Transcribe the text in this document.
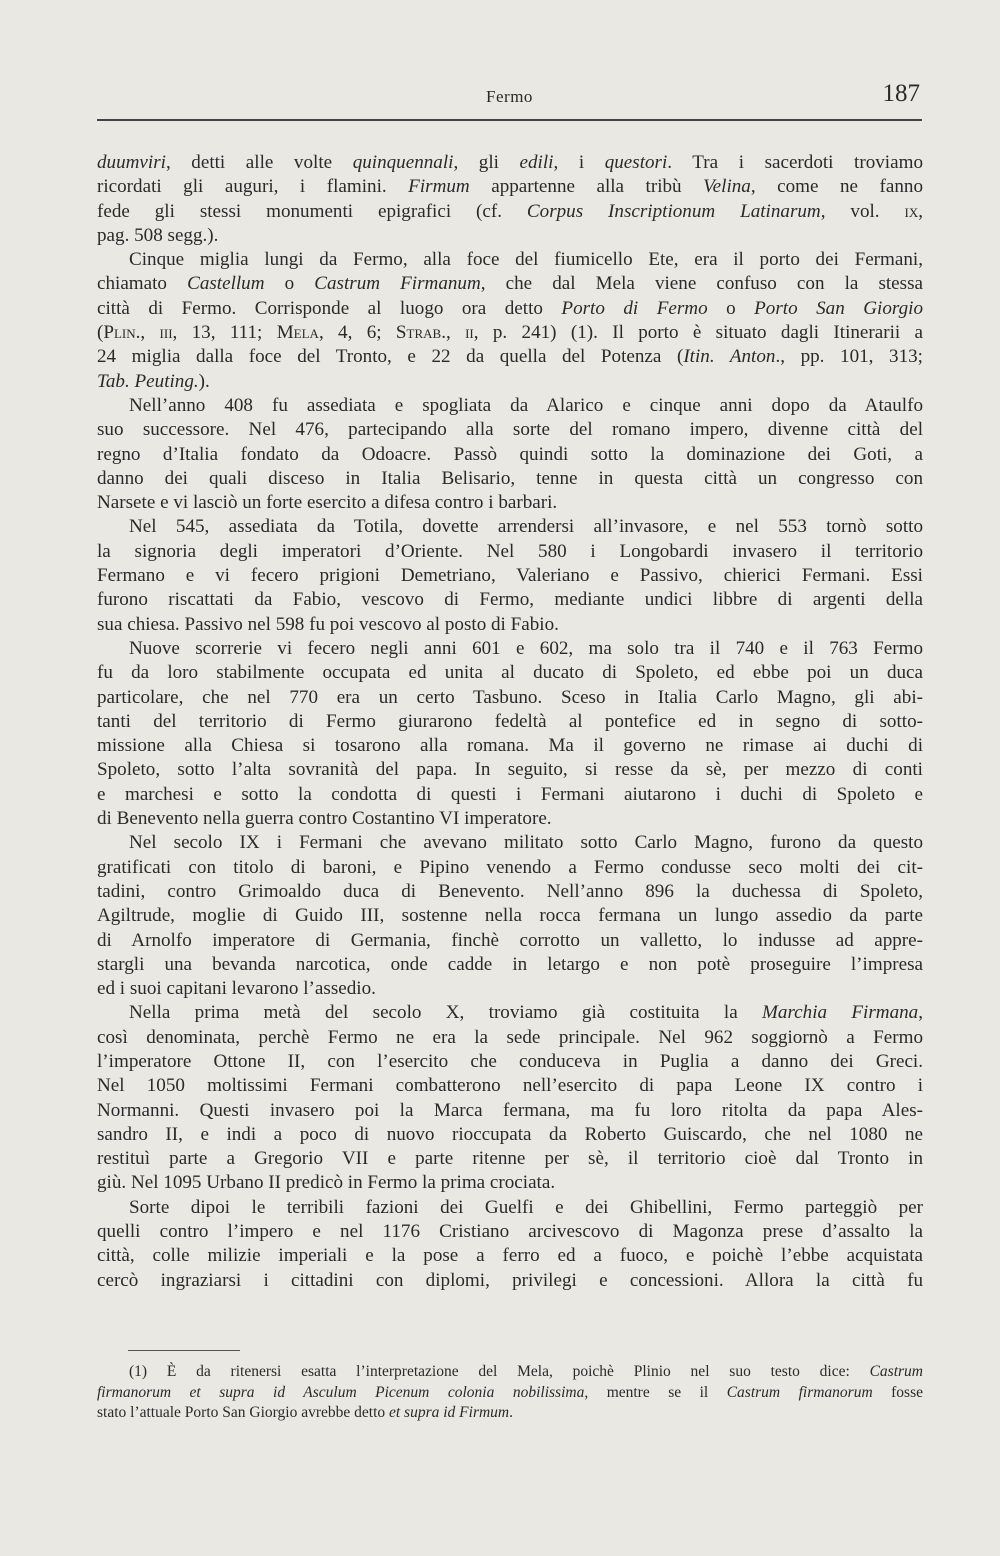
Fermo	187
duumviri, detti alle volte quinquennali, gli edili, i questori. Tra i sacerdoti troviamo
ricordati gli auguri, i flamini. Firmum appartenne alla tribù Velina, come ne fanno
fede gli stessi monumenti epigrafici (cf. Corpus Inscriptionum Latinarum, vol. ix,
pag. 508 segg.).
Cinque miglia lungi da Fermo, alla foce del fiumicello Ete, era il porto dei Fermani,
chiamato Castellum o Castrum Firmanum, che dal Mela viene confuso con la stessa
città di Fermo. Corrisponde al luogo ora detto Porto di Fermo o Porto San Giorgio
(Plin., iii, 13, 111; Mela, 4, 6; Strab., ii, p. 241) (1). Il porto è situato dagli Itinerarii a
24 miglia dalla foce del Tronto, e 22 da quella del Potenza (Itin. Anton., pp. 101, 313;
Tab. Peuting.).
Nell’anno 408 fu assediata e spogliata da Alarico e cinque anni dopo da Ataulfo
suo successore. Nel 476, partecipando alla sorte del romano impero, divenne città del
regno d’Italia fondato da Odoacre. Passò quindi sotto la dominazione dei Goti, a
danno dei quali disceso in Italia Belisario, tenne in questa città un congresso con
Narsete e vi lasciò un forte esercito a difesa contro i barbari.
Nel 545, assediata da Totila, dovette arrendersi all’invasore, e nel 553 tornò sotto
la signoria degli imperatori d’Oriente. Nel 580 i Longobardi invasero il territorio
Fermano e vi fecero prigioni Demetriano, Valeriano e Passivo, chierici Fermani. Essi
furono riscattati da Fabio, vescovo di Fermo, mediante undici libbre di argenti della
sua chiesa. Passivo nel 598 fu poi vescovo al posto di Fabio.
Nuove scorrerie vi fecero negli anni 601 e 602, ma solo tra il 740 e il 763 Fermo
fu da loro stabilmente occupata ed unita al ducato di Spoleto, ed ebbe poi un duca
particolare, che nel 770 era un certo Tasbuno. Sceso in Italia Carlo Magno, gli abi-
tanti del territorio di Fermo giurarono fedeltà al pontefice ed in segno di sotto-
missione alla Chiesa si tosarono alla romana. Ma il governo ne rimase ai duchi di
Spoleto, sotto l’alta sovranità del papa. In seguito, si resse da sè, per mezzo di conti
e marchesi e sotto la condotta di questi i Fermani aiutarono i duchi di Spoleto e
di Benevento nella guerra contro Costantino VI imperatore.
Nel secolo IX i Fermani che avevano militato sotto Carlo Magno, furono da questo
gratificati con titolo di baroni, e Pipino venendo a Fermo condusse seco molti dei cit-
tadini, contro Grimoaldo duca di Benevento. Nell’anno 896 la duchessa di Spoleto,
Agiltrude, moglie di Guido III, sostenne nella rocca fermana un lungo assedio da parte
di Arnolfo imperatore di Germania, finchè corrotto un valletto, lo indusse ad appre-
stargli una bevanda narcotica, onde cadde in letargo e non potè proseguire l’impresa
ed i suoi capitani levarono l’assedio.
Nella prima metà del secolo X, troviamo già costituita la Marchia Firmana,
così denominata, perchè Fermo ne era la sede principale. Nel 962 soggiornò a Fermo
l’imperatore Ottone II, con l’esercito che conduceva in Puglia a danno dei Greci.
Nel 1050 moltissimi Fermani combatterono nell’esercito di papa Leone IX contro i
Normanni. Questi invasero poi la Marca fermana, ma fu loro ritolta da papa Ales-
sandro II, e indi a poco di nuovo rioccupata da Roberto Guiscardo, che nel 1080 ne
restituì parte a Gregorio VII e parte ritenne per sè, il territorio cioè dal Tronto in
giù. Nel 1095 Urbano II predicò in Fermo la prima crociata.
Sorte dipoi le terribili fazioni dei Guelfi e dei Ghibellini, Fermo parteggiò per
quelli contro l’impero e nel 1176 Cristiano arcivescovo di Magonza prese d’assalto la
città, colle milizie imperiali e la pose a ferro ed a fuoco, e poichè l’ebbe acquistata
cercò ingraziarsi i cittadini con diplomi, privilegi e concessioni. Allora la città fu
(1) È da ritenersi esatta l’interpretazione del Mela, poichè Plinio nel suo testo dice: Castrum
firmanorum et supra id Asculum Picenum colonia nobilissima, mentre se il Castrum firmanorum fosse
stato l’attuale Porto San Giorgio avrebbe detto et supra id Firmum.
